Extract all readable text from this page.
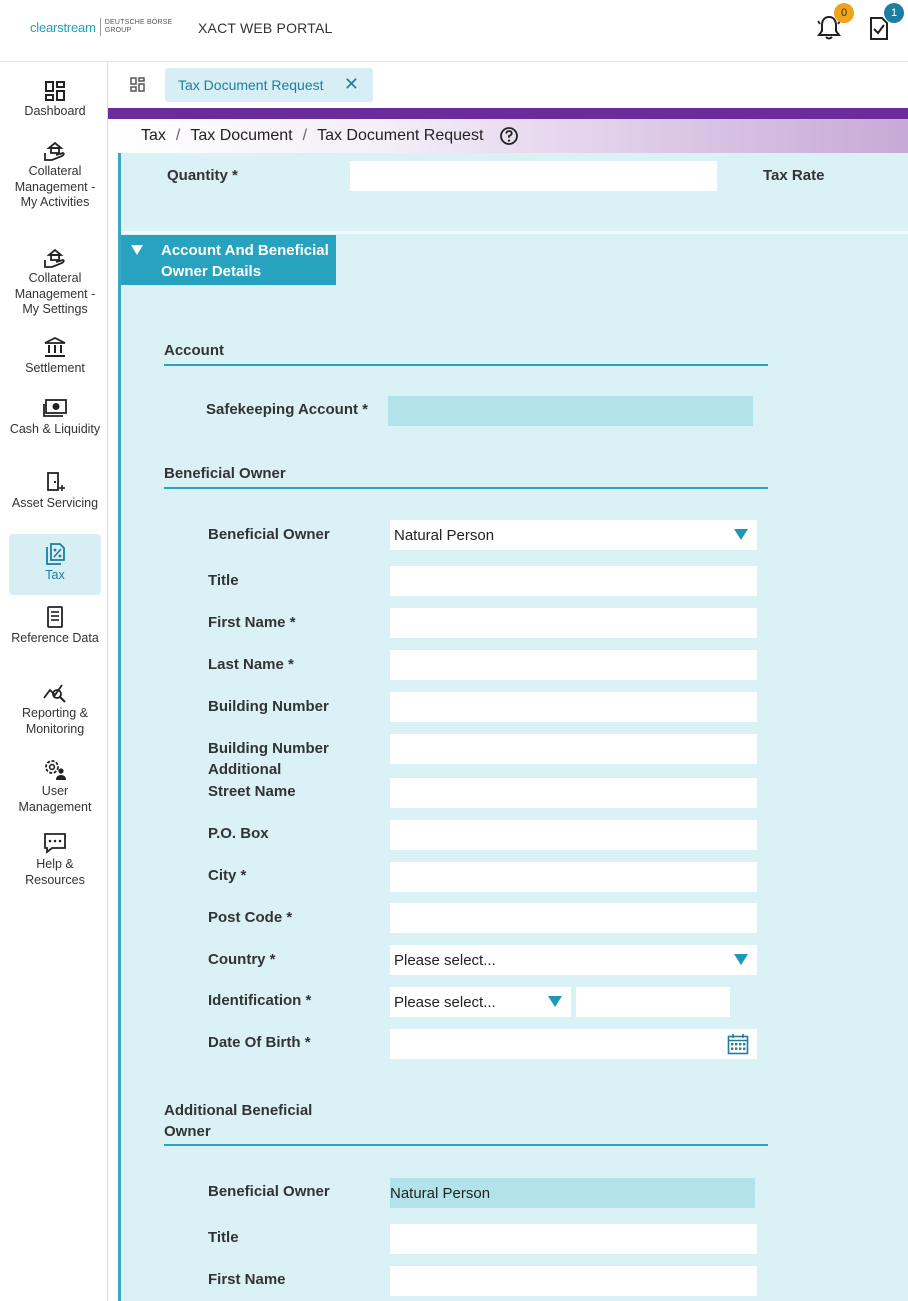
clearstream DEUTSCHE BÖRSE
GROUP	XACT WEB PORTAL
0	1
Dashboard
Collateral Management - My Activities
Collateral Management - My Settings
Settlement
Cash & Liquidity
Asset Servicing
Tax
Reference Data
Reporting & Monitoring
User Management
Help & Resources
Tax Document Request ✕
Tax / Tax Document / Tax Document Request
Quantity *	Tax Rate
Account And Beneficial Owner Details
Account
Safekeeping Account *
Beneficial Owner
Beneficial Owner	Natural Person
Title
First Name *
Last Name *
Building Number
Building Number Additional
Street Name
P.O. Box
City *
Post Code *
Country *	Please select...
Identification *	Please select...
Date Of Birth *
Additional Beneficial Owner
Beneficial Owner	Natural Person
Title
First Name
